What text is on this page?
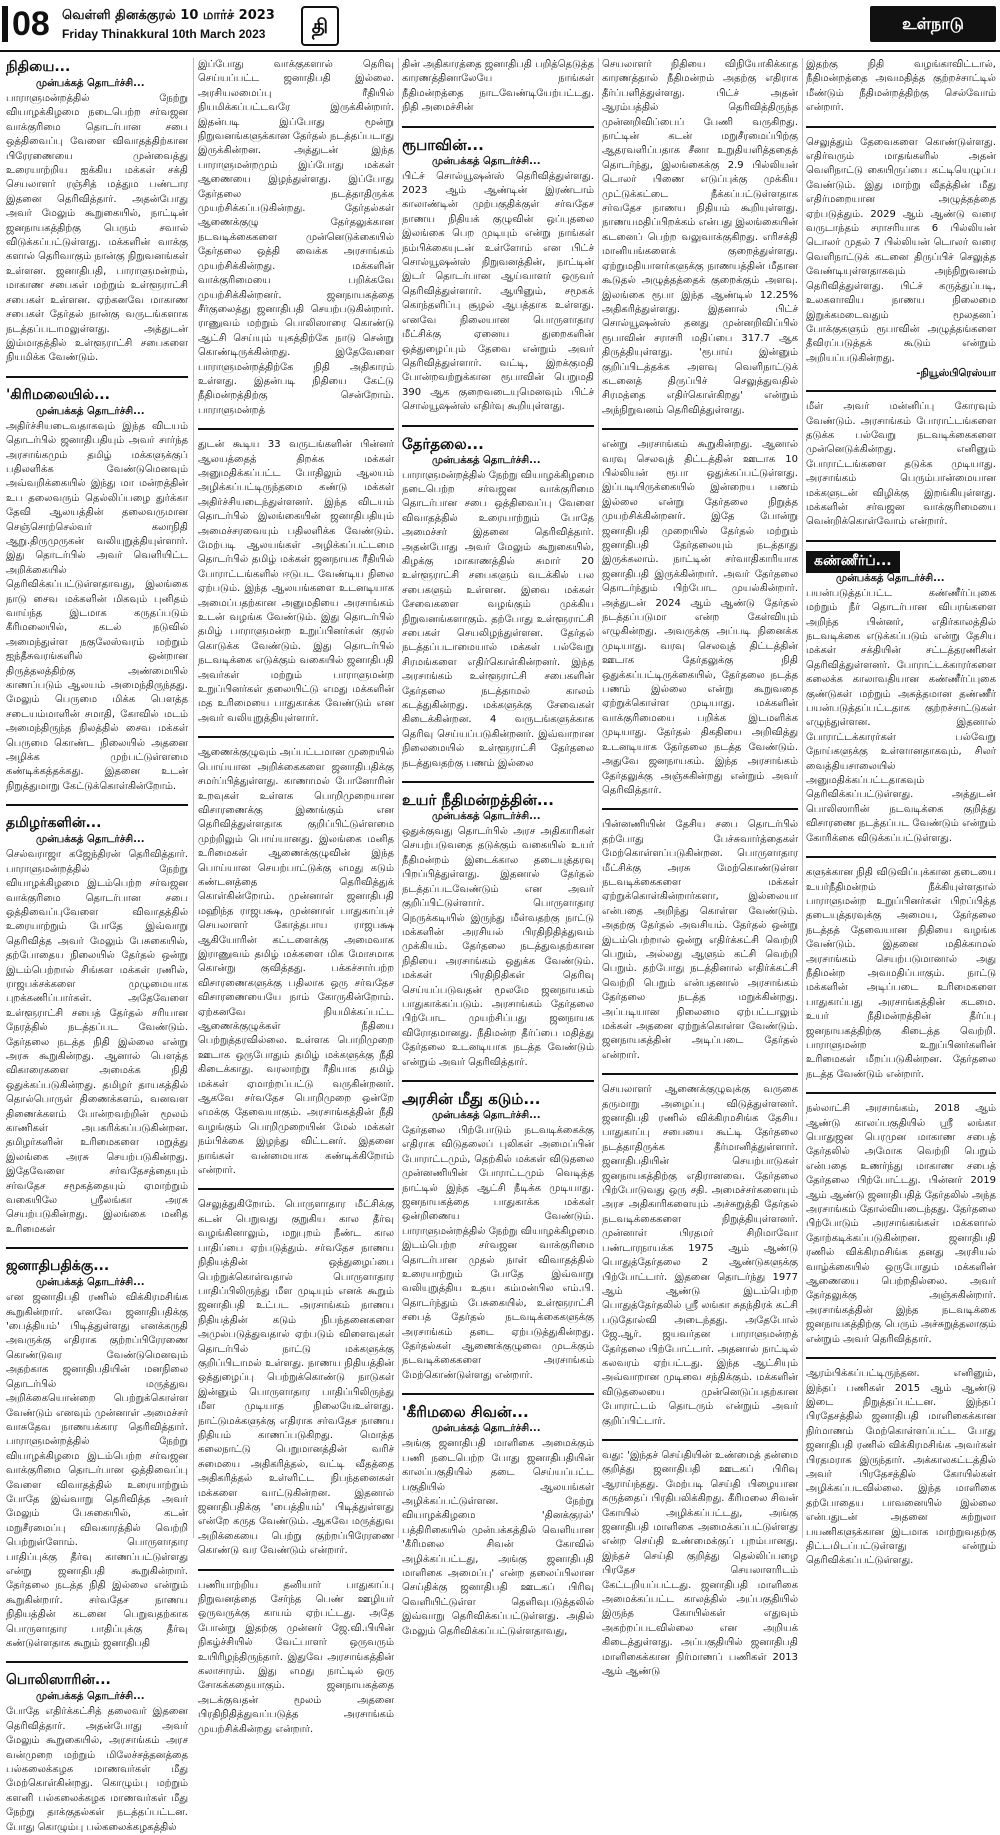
08 வெள்ளி தினக்குரல் 10 மார்ச் 2023
Friday Thinakkural 10th March 2023	தி	உள்நாடு
நிதியை...
முன்பக்கத் தொடர்ச்சி...

பாராளுமன்றத்தில் நேற்று வியாழக்கிழமை நடைபெற்ற சர்வஜன வாக்குரிமை தொடர்பான சபை ஒத்திவைப்பு வேளை விவாதத்திற்கான பிரேரணையை முன்வைத்து உரையாற்றிய ஐக்கிய மக்கள் சக்தி செயலாளர் ரஞ்சித் மத்தும பண்டார இதனை தெரிவித்தார். அதன்போது அவர் மேலும் கூறுகையில், நாட்டின் ஜனநாயகத்திற்கு பெரும் சவால் விடுக்கப்பட்டுள்ளது. மக்களின் வாக்கு களால் தெரிவாகும் நான்கு நிறுவனங்கள் உள்ளன. ஜனாதிபதி, பாராளுமன்றம், மாகாண சபைகள் மற்றும் உள்ளூராட்சி சபைகள் உள்ளன. ஏற்கனவே மாகாண சபைகள் தேர்தல் நான்கு வருடங்களாக நடத்தப்படாமலுள்ளது. அத்துடன் இம்மாதத்தில் உள்ளூராட்சி சபைகளை நியமிக்க வேண்டும்.

'கிரிமலையில்...
முன்பக்கத் தொடர்ச்சி...

அதிர்ச்சியடைவதாகவும் இந்த விடயம் தொடர்பில் ஜனாதிபதியும் அவர் சார்ந்த அரசாங்கமும் தமிழ் மக்களுக்குப் பதிலளிக்க வேண்டுமெனவும் அவ்வறிக்கையில் இந்து மா மன்றத்தின் உப தலைவரும் தெல்லிப்பழை துர்க்கா தேவி ஆலயத்தின் தலைவருமான செஞ்சொற்செல்வர் கலாநிதி ஆறு.திருமுருகன் வலியுறுத்தியுள்ளார். இது தொடர்பில் அவர் வெளியிட்ட அறிக்கையில் தெரிவிக்கப்பட்டுள்ளதாவது, இலங்கை நாடு சைவ மக்களின் மிகவும் புனிதம் வாய்ந்த இடமாக கருதப்படும் கீரிமலையில், கடல் நடுவில் அமைந்துள்ள நகுலேஸ்வரம் மற்றும் ஐந்தீசுவரங்களில் ஒன்றான திருத்தலத்திற்கு அண்மையில் காணப்படும் ஆலயம் அமைந்திருந்தது. மேலும் பெருமை மிக்க பௌத்த சடையம்மாளின் சமாதி, கோவில் மடம் அமைந்திருந்த நிலத்தில் சைவ மக்கள் பெருமை கொண்ட நிலையில் அதனை அழிக்க முற்பட்டுள்ளமை கண்டிக்கத்தக்கது. இதனை உடன் நிறுத்துமாறு கேட்டுக்கொள்கின்றோம்.

தமிழர்களின்...
முன்பக்கத் தொடர்ச்சி...

செல்வராஜா கஜேந்திரன் தெரிவித்தார். பாராளுமன்றத்தில் நேற்று வியாழக்கிழமை இடம்பெற்ற சர்வஜன வாக்குரிமை தொடர்பான சபை ஒத்திவைப்புவேளை விவாதத்தில் உரையாற்றும் போதே இவ்வாறு தெரிவித்த அவர் மேலும் பேசுகையில், தற்போதைய நிலையில் தேர்தல் ஒன்று இடம்பெற்றால் சிங்கள மக்கள் ரணில், ராஜபக்சக்களை முழுமையாக புறக்கணிப்பார்கள். அதேவேளை உள்ளூராட்சி சபைத் தேர்தல் சரியான நேரத்தில் நடத்தப்பட வேண்டும். தேர்தலை நடத்த நிதி இல்லை என்று அரசு கூறுகின்றது. ஆனால் பௌத்த விகாரைகளை அமைக்க நிதி ஒதுக்கப்படுகின்றது. தமிழர் தாயகத்தில் தொல்பொருள் திணைக்களம், வனவள திணைக்களம் போன்றவற்றின் மூலம் காணிகள் அபகரிக்கப்படுகின்றன. தமிழர்களின் உரிமைகளை மறுத்து இலங்கை அரசு செயற்படுகின்றது. இதேவேளை சர்வதேசத்தையும் சர்வதேச சமூகத்தையும் ஏமாற்றும் வகையிலே ஸ்ரீலங்கா அரசு செயற்படுகின்றது. இலங்கை மனித உரிமைகள்

ஜனாதிபதிக்கு...
முன்பக்கத் தொடர்ச்சி...

என ஜனாதிபதி ரணில் விக்கிரமசிங்க கூறுகின்றார். எனவே ஜனாதிபதிக்கு 'பைத்தியம்' பிடித்துள்ளது எனக்கருதி அவருக்கு எதிராக குற்றப்பிரேரணை கொண்டுவர வேண்டுமெனவும் அதற்காக ஜனாதிபதியின் மனநிலை தொடர்பில் மருத்துவ அறிக்கையொன்றை பெற்றுக்கொள்ள வேண்டும் எனவும் முன்னாள் அமைச்சர் வாசுதேவ நாணயக்கார தெரிவித்தார். பாராளுமன்றத்தில் நேற்று வியாழக்கிழமை இடம்பெற்ற சர்வஜன வாக்குரிமை தொடர்பான ஒத்திவைப்பு வேளை விவாதத்தில் உரையாற்றும் போதே இவ்வாறு தெரிவித்த அவர் மேலும் பேசுகையில், கடன் மறுசீரமைப்பு விவகாரத்தில் வெற்றி பெற்றுள்ளோம். பொருளாதார பாதிப்புக்கு தீர்வு காணப்பட்டுள்ளது என்று ஜனாதிபதி கூறுகின்றார். தேர்தலை நடத்த நிதி இல்லை என்றும் கூறுகின்றார். சர்வதேச நாணய நிதியத்தின் கடனை பெறுவதற்காக பொருளாதார பாதிப்புக்கு தீர்வு கண்டுள்ளதாக கூறும் ஜனாதிபதி

பொலிஸாரின்...
முன்பக்கத் தொடர்ச்சி...

போதே எதிர்க்கட்சித் தலைவர் இதனை தெரிவித்தார். அதன்போது அவர் மேலும் கூறுகையில், அரசாங்கம் அரச வன்முறை மற்றும் மிலேச்சத்தனத்தை பல்கலைக்கழக மாணவர்கள் மீது மேற்கொள்கின்றது. கொழும்பு மற்றும் களனி பல்கலைக்கழக மாணவர்கள் மீது நேற்று தாக்குதல்கள் நடத்தப்பட்டன. போது கொழும்பு பல்கலைக்கழகத்தில்

இப்போது வாக்குகளால் தெரிவு செய்யப்பட்ட ஜனாதிபதி இல்லை. அரசியலமைப்பு ரீதியில் நியமிக்கப்பட்டவரே இருக்கின்றார். இதன்படி இப்போது மூன்று நிறுவனங்களுக்கான தேர்தல் நடத்தப்படாது இருக்கின்றன. அத்துடன் இந்த பாராளுமன்றமும் இப்போது மக்கள் ஆணையை இழந்துள்ளது. இப்போது தேர்தலை நடத்தாதிருக்க முயற்சிக்கப்படுகின்றது. தேர்தல்கள் ஆணைக்குழு தேர்தலுக்கான நடவடிக்கைகளை முன்னெடுக்கையில் தேர்தலை ஒத்தி வைக்க அரசாங்கம் முயற்சிக்கின்றது. மக்களின் வாக்குரிமையை பறிக்கவே முயற்சிக்கின்றனர். ஜனநாயகத்தை சீர்குலைத்து ஜனாதிபதி செயற்படுகின்றார். ராணுவம் மற்றும் பொலிஸாரை கொண்டு ஆட்சி செய்யும் யுகத்திற்கே நாடு சென்று கொண்டிருக்கின்றது. இதேவேளை பாராளுமன்றத்திற்கே நிதி அதிகாரம் உள்ளது. இதன்படி நிதியை கேட்டு நீதிமன்றத்திற்கு சென்றோம். பாராளுமன்றத்

துடன் கூடிய 33 வருடங்களின் பின்னர் ஆலயத்தைத் திறக்க மக்கள் அனுமதிக்கப்பட்ட போதிலும் ஆலயம் அழிக்கப்பட்டிருந்தமை கண்டு மக்கள் அதிர்ச்சியடைந்துள்ளனர். இந்த விடயம் தொடர்பில் இலங்கையின் ஜனாதிபதியும் அமைச்சரவையும் பதிலளிக்க வேண்டும். மேற்படி ஆலயங்கள் அழிக்கப்பட்டமை தொடர்பில் தமிழ் மக்கள் ஜனநாயக ரீதியில் போராட்டங்களில் ஈடுபட வேண்டிய நிலை ஏற்படும். இந்த ஆலயங்களை உடனடியாக அமைப்பதற்கான அனுமதியை அரசாங்கம் உடன் வழங்க வேண்டும். இது தொடர்பில் தமிழ் பாராளுமன்ற உறுப்பினர்கள் குரல் கொடுக்க வேண்டும். இது தொடர்பில் நடவடிக்கை எடுக்கும் வகையில் ஜனாதிபதி அவர்கள் மற்றும் பாராளுமன்ற உறுப்பினர்கள் தலையிட்டு எமது மக்களின் மத உரிமையை பாதுகாக்க வேண்டும் என அவர் வலியுறுத்தியுள்ளார்.

ஆணைக்குழுவும் அப்பட்டமான முறையில் பொய்யான அறிக்கைகளை ஜனாதிபதிக்கு சமர்ப்பித்துள்ளது. காணாமல் போனோரின் உறவுகள் உள்ளக பொறிமுறையான விசாரணைக்கு இணங்கும் என தெரிவித்துள்ளதாக குறிப்பிட்டுள்ளமை முற்றிலும் பொய்யானது. இலங்கை மனித உரிமைகள் ஆணைக்குழுவின் இந்த பொய்யான செயற்பாட்டுக்கு எமது கடும் கண்டனத்தை தெரிவித்துக் கொள்கின்றோம். முன்னாள் ஜனாதிபதி மஹிந்த ராஜபக்ஷ, முன்னாள் பாதுகாப்புச் செயலாளர் கோத்தபாய ராஜபக்ஷ ஆகியோரின் கட்டளைக்கு அமைவாக இராணுவம் தமிழ் மக்களை மிக மோசமாக கொன்று குவித்தது. பக்கச்சார்பற்ற விசாரணைகளுக்கு பதிலாக ஒரு சர்வதேச விசாரணையையே நாம் கோருகின்றோம். ஏற்கனவே நியமிக்கப்பட்ட ஆணைக்குழுக்கள் நீதியை பெற்றுத்தரவில்லை. உள்ளக பொறிமுறை ஊடாக ஒருபோதும் தமிழ் மக்களுக்கு நீதி கிடைக்காது. வரலாற்று ரீதியாக தமிழ் மக்கள் ஏமாற்றப்பட்டு வருகின்றனர். ஆகவே சர்வதேச பொறிமுறை ஒன்றே எமக்கு தேவையாகும். அரசாங்கத்தின் நீதி வழங்கும் பொறிமுறையின் மேல் மக்கள் நம்பிக்கை இழந்து விட்டனர். இதனை நாங்கள் வன்மையாக கண்டிக்கிறோம் என்றார்.

செலுத்துகிறோம். பொருளாதார மீட்சிக்கு கடன் பெறுவது குறுகிய கால தீர்வு வழங்கினாலும், மறுபுறம் நீண்ட கால பாதிப்பை ஏற்படுத்தும். சர்வதேச நாணய நிதியத்தின் ஒத்துழைப்பை பெற்றுக்கொள்வதால் பொருளாதார பாதிப்பிலிருந்து மீள முடியும் எனக் கூறும் ஜனாதிபதி உட்பட அரசாங்கம் நாணய நிதியத்தின் கடும் நிபந்தனைகளை அமுல்படுத்துவதால் ஏற்படும் விளைவுகள் தொடர்பில் நாட்டு மக்களுக்கு குறிப்பிடாமல் உள்ளது. நாணய நிதியத்தின் ஒத்துழைப்பு பெற்றுக்கொண்டு நாடுகள் இன்னும் பொருளாதார பாதிப்பிலிருந்து மீள முடியாத நிலையேஉள்ளது. நாட்டுமக்களுக்கு எதிராக சர்வதேச நாணய நிதியம் காணப்படுகிறது. மொத்த கலைநாட்டு பெறுமானத்தின் வரிச் சுமையை அதிகரித்தல், வட்டி வீதத்தை அதிகரித்தல் உள்ளிட்ட நிபந்தனைகள் மக்களை வாட்டுகின்றன. இதனால் ஜனாதிபதிக்கு 'பைத்தியம்' பிடித்துள்ளது என்றே கருத வேண்டும். ஆகவே மருத்துவ அறிக்கையை பெற்று குற்றப்பிரேரணை கொண்டு வர வேண்டும் என்றார்.

பணியாற்றிய தனியார் பாதுகாப்பு நிறுவனத்தை சேர்ந்த பெண் ஊழியர் ஒருவருக்கு காயம் ஏற்பட்டது. அதே போன்று இதற்கு முன்னர் ஜே.வி.பியின் நிகழ்ச்சியில் வேட்பாளர் ஒருவரும் உயிரிழந்திருந்தார். இதுவே அரசாங்கத்தின் கலாசாரம். இது எமது நாட்டில் ஒரு சோகக்கதையாகும். ஜனநாயகத்தை அடக்குவதன் மூலம் அதனை பிரதிநிதித்துவப்படுத்த அரசாங்கம் முயற்சிக்கின்றது என்றார்.

தின் அதிகாரத்தை ஜனாதிபதி பறித்தெடுத்த காரணத்தினாலேயே நாங்கள் நீதிமன்றத்தை நாடவேண்டியேற்பட்டது. நிதி அமைச்சின்

ரூபாவின்...
முன்பக்கத் தொடர்ச்சி...

பிட்ச் சொல்யூஷன்ஸ் தெரிவித்துள்ளது. 2023 ஆம் ஆண்டின் இரண்டாம் காலாண்டின் முற்பகுதிக்குள் சர்வதேச நாணய நிதியக் குழுவின் ஒப்புதலை இலங்கை பெற முடியும் என்று நாங்கள் நம்பிக்கையுடன் உள்ளோம் என பிட்ச் சொல்யூஷன்ஸ் நிறுவனத்தின், நாட்டின் இடர் தொடர்பான ஆய்வாளர் ஒருவர் தெரிவித்துள்ளார். ஆயினும், சமூகக் கொந்தளிப்பு சூழல் ஆபத்தாக உள்ளது. எனவே நிலையான பொருளாதார மீட்சிக்கு ஏனைய துறைகளின் ஒத்துழைப்பும் தேவை என்றும் அவர் தெரிவித்துள்ளார். வட்டி, இறக்குமதி போன்றவற்றுக்கான ரூபாவின் பெறுமதி 390 ஆக குறைவடையுமெனவும் பிட்ச் சொல்யூஷன்ஸ் எதிர்வு கூறியுள்ளது.

தேர்தலை...
முன்பக்கத் தொடர்ச்சி...

பாராளுமன்றத்தில் நேற்று வியாழக்கிழமை நடைபெற்ற சர்வஜன வாக்குரிமை தொடர்பான சபை ஒத்திவைப்பு வேளை விவாதத்தில் உரையாற்றும் போதே அமைச்சர் இதனை தெரிவித்தார். அதன்போது அவர் மேலும் கூறுகையில், கிழக்கு மாகாணத்தில் சுமார் 20 உள்ளூராட்சி சபைகளும் வடக்கில் பல சபைகளும் உள்ளன. இவை மக்கள் சேவைகளை வழங்கும் முக்கிய நிறுவனங்களாகும். தற்போது உள்ளூராட்சி சபைகள் செயலிழந்துள்ளன. தேர்தல் நடத்தப்படாமையால் மக்கள் பல்வேறு சிரமங்களை எதிர்கொள்கின்றனர். இந்த அரசாங்கம் உள்ளூராட்சி சபைகளின் தேர்தலை நடத்தாமல் காலம் கடத்துகின்றது. மக்களுக்கு சேவைகள் கிடைக்கின்றன. 4 வருடங்களுக்காக தெரிவு செய்யப்படுகின்றனர். இவ்வாறான நிலைமையில் உள்ளூராட்சி தேர்தலை நடத்துவதற்கு பணம் இல்லை

உயர் நீதிமன்றத்தின்...
முன்பக்கத் தொடர்ச்சி...

ஒதுக்குவது தொடர்பில் அரச அதிகாரிகள் செயற்படுவதை தடுக்கும் வகையில் உயர் நீதிமன்றம் இடைக்கால தடையுத்தரவு பிறப்பித்துள்ளது. இதனால் தேர்தல் நடத்தப்படவேண்டும் என அவர் குறிப்பிட்டுள்ளார். பொருளாதார நெருக்கடியில் இருந்து மீள்வதற்கு நாட்டு மக்களின் அரசியல் பிரதிநிதித்துவம் முக்கியம். தேர்தலை நடத்துவதற்கான நிதியை அரசாங்கம் ஒதுக்க வேண்டும். மக்கள் பிரதிநிதிகள் தெரிவு செய்யப்படுவதன் மூலமே ஜனநாயகம் பாதுகாக்கப்படும். அரசாங்கம் தேர்தலை பிற்போட முயற்சிப்பது ஜனநாயக விரோதமானது. நீதிமன்ற தீர்ப்பை மதித்து தேர்தலை உடனடியாக நடத்த வேண்டும் என்றும் அவர் தெரிவித்தார்.

அரசின் மீது கடும்...
முன்பக்கத் தொடர்ச்சி...

தேர்தலை பிற்போடும் நடவடிக்கைக்கு எதிராக விடுதலைப் புலிகள் அமைப்பின் போராட்டமும், தெற்கில் மக்கள் விடுதலை முன்னணியின் போராட்டமும் வெடித்த நாட்டில் இந்த ஆட்சி நீடிக்க முடியாது. ஜனநாயகத்தை பாதுகாக்க மக்கள் ஒன்றிணைய வேண்டும். பாராளுமன்றத்தில் நேற்று வியாழக்கிழமை இடம்பெற்ற சர்வஜன வாக்குரிமை தொடர்பான முதல் நாள் விவாதத்தில் உரையாற்றும் போதே இவ்வாறு வலியுறுத்திய உதய கம்மன்பில எம்.பி. தொடர்ந்தும் பேசுகையில், உள்ளூராட்சி சபைத் தேர்தல் நடவடிக்கைகளுக்கு அரசாங்கம் தடை ஏற்படுத்துகின்றது. தேர்தல்கள் ஆணைக்குழுவை முடக்கும் நடவடிக்கைகளை அரசாங்கம் மேற்கொண்டுள்ளது என்றார்.

'கீரிமலை சிவன்...
முன்பக்கத் தொடர்ச்சி...

அங்கு ஜனாதிபதி மாளிகை அமைக்கும் பணி நடைபெற்ற போது ஜனாதிபதியின் காலப்பகுதியில் தடை செய்யப்பட்ட பகுதியில் ஆலயங்கள் அழிக்கப்பட்டுள்ளன. நேற்று வியாழக்கிழமை 'தினக்குரல்' பத்திரிகையில் முன்பக்கத்தில் வெளியான 'கீரிமலை சிவன் கோவில் அழிக்கப்பட்டது, அங்கு ஜனாதிபதி மாளிகை அமைப்பு' என்ற தலைப்பிலான செய்திக்கு ஜனாதிபதி ஊடகப் பிரிவு வெளியிட்டுள்ள தெளிவுபடுத்தலில் இவ்வாறு தெரிவிக்கப்பட்டுள்ளது. அதில் மேலும் தெரிவிக்கப்பட்டுள்ளதாவது,

செயலாளர் நிதியை விநியோகிக்காத காரணத்தால் நீதிமன்றம் அதற்கு எதிராக தீர்ப்பளித்துள்ளது. பிட்ச் அதன் ஆரம்பத்தில் தெரிவித்திருந்த முன்னறிவிப்பைப் பேணி வருகிறது. நாட்டின் கடன் மறுசீரமைப்பிற்கு ஆதரவளிப்பதாக சீனா உறுதியளித்ததைத் தொடர்ந்து, இலங்கைக்கு 2.9 பில்லியன் டொலர் பிணை எடுப்புக்கு முக்கிய முட்டுக்கட்டை நீக்கப்பட்டுள்ளதாக சர்வதேச நாணய நிதியம் கூறியுள்ளது. நாணயமதிப்பிறக்கம் என்பது இலங்கையின் கடனைப் பெற்ற வலுவாக்குகிறது. எரிசக்தி மானியங்களைக் குறைத்துள்ளது. ஏற்றுமதியாளர்களுக்கு நாணயத்தின் மீதான கூடுதல் அழுத்தத்தைக் குறைக்கும் அளவு. இலங்கை ரூபா இந்த ஆண்டில் 12.25% அதிகரித்துள்ளது. இதனால் பிட்ச் சொல்யூஷன்ஸ் தனது முன்னறிவிப்பில் ரூபாவின் சராசரி மதிப்பை 317.7 ஆக திருத்தியுள்ளது. 'ரூபாய் இன்னும் குறிப்பிடத்தக்க அளவு வெளிநாட்டுக் கடனைத் திருப்பிச் செலுத்துவதில் சிரமத்தை எதிர்கொள்கிறது' என்றும் அந்நிறுவனம் தெரிவித்துள்ளது.

என்று அரசாங்கம் கூறுகின்றது. ஆனால் வரவு செலவுத் திட்டத்தின் ஊடாக 10 பில்லியன் ரூபா ஒதுக்கப்பட்டுள்ளது. இப்படியிருக்கையில் இன்றைய பணம் இல்லை என்று தேர்தலை நிறுத்த முயற்சிக்கின்றனர். இதே போன்று ஜனாதிபதி முறையில் தேர்தல் மற்றும் ஜனாதிபதி தேர்தலையும் நடத்தாது இருக்கலாம். நாட்டின் சர்வாதிகாரியாக ஜனாதிபதி இருக்கின்றார். அவர் தேர்தலை தொடர்ந்தும் பிற்போட முயல்கின்றார். அத்துடன் 2024 ஆம் ஆண்டு தேர்தல் நடத்தப்படுமா என்ற கேள்வியும் எழுகின்றது. அவருக்கு அப்படி நினைக்க முடியாது. வரவு செலவுத் திட்டத்தின் ஊடாக தேர்தலுக்கு நிதி ஒதுக்கப்பட்டிருக்கையில், தேர்தலை நடத்த பணம் இல்லை என்று கூறுவதை ஏற்றுக்கொள்ள முடியாது. மக்களின் வாக்குரிமையை பறிக்க இடமளிக்க முடியாது. தேர்தல் திகதியை அறிவித்து உடனடியாக தேர்தலை நடத்த வேண்டும். அதுவே ஜனநாயகம். இந்த அரசாங்கம் தேர்தலுக்கு அஞ்சுகின்றது என்றும் அவர் தெரிவித்தார்.

பின்னணியின் தேசிய சபை தொடர்பில் தற்போது பேச்சுவார்த்தைகள் மேற்கொள்ளப்படுகின்றன. பொருளாதார மீட்சிக்கு அரசு மேற்கொண்டுள்ள நடவடிக்கைகளை மக்கள் ஏற்றுக்கொள்கின்றார்களா, இல்லையா என்பதை அறிந்து கொள்ள வேண்டும். அதற்கு தேர்தல் அவசியம். தேர்தல் ஒன்று இடம்பெற்றால் ஒன்று எதிர்க்கட்சி வெற்றி பெறும், அல்லது ஆளும் கட்சி வெற்றி பெறும். தற்போது நடத்தினால் எதிர்க்கட்சி வெற்றி பெறும் என்பதனால் அரசாங்கம் தேர்தலை நடத்த மறுக்கின்றது. அப்படியான நிலைமை ஏற்பட்டாலும் மக்கள் அதனை ஏற்றுக்கொள்ள வேண்டும். ஜனநாயகத்தின் அடிப்படை தேர்தல் என்றார்.

செயலாளர் ஆணைக்குழுவுக்கு வருகை தருமாறு அழைப்பு விடுத்துள்ளனர். ஜனாதிபதி ரணில் விக்கிரமசிங்க தேசிய பாதுகாப்பு சபையை கூட்டி தேர்தலை நடத்தாதிருக்க தீர்மானித்துள்ளார். ஜனாதிபதியின் செயற்பாடுகள் ஜனநாயகத்திற்கு எதிரானவை. தேர்தலை பிற்போடுவது ஒரு சதி. அமைச்சர்களையும் அரச அதிகாரிகளையும் அச்சுறுத்தி தேர்தல் நடவடிக்கைகளை நிறுத்தியுள்ளனர். முன்னாள் பிரதமர் சிறிமாவோ பண்டாரநாயக்க 1975 ஆம் ஆண்டு பொதுத்தேர்தலை 2 ஆண்டுகளுக்கு பிற்போட்டார். இதனை தொடர்ந்து 1977 ஆம் ஆண்டு இடம்பெற்ற பொதுத்தேர்தலில் ஸ்ரீ லங்கா சுதந்திரக் கட்சி படுதோல்வி அடைந்தது. அதேபோல் ஜே.ஆர். ஜயவர்தன பாராளுமன்றத் தேர்தலை பிற்போட்டார். அதனால் நாட்டில் கலவரம் ஏற்பட்டது. இந்த ஆட்சியும் அவ்வாறான முடிவை சந்திக்கும். மக்களின் விடுதலையை முன்னெடுப்பதற்கான போராட்டம் தொடரும் என்றும் அவர் குறிப்பிட்டார்.

வது: 'இந்தச் செய்தியின் உண்மைத் தன்மை குறித்து ஜனாதிபதி ஊடகப் பிரிவு ஆராய்ந்தது. மேற்படி செய்தி பிழையான கருத்தைப் பிரதிபலிக்கிறது. கீரிமலை சிவன் கோயில் அழிக்கப்பட்டது, அங்கு ஜனாதிபதி மாளிகை அமைக்கப்பட்டுள்ளது என்ற செய்தி உண்மைக்குப் புறம்பானது. இந்தச் செய்தி குறித்து தெல்லிப்பழை பிரதேச செயலாளரிடம் கேட்டறியப்பட்டது. ஜனாதிபதி மாளிகை அமைக்கப்பட்ட காலத்தில் அப்பகுதியில் இருந்த கோயில்கள் எதுவும் அகற்றப்படவில்லை என அறியக் கிடைத்துள்ளது. அப்பகுதியில் ஜனாதிபதி மாளிகைக்கான நிர்மாணப் பணிகள் 2013 ஆம் ஆண்டு

இதற்கு நிதி வழங்காவிட்டால், நீதிமன்றத்தை அவமதித்த குற்றச்சாட்டில் மீண்டும் நீதிமன்றத்திற்கு செல்வோம் என்றார்.

செலுத்தும் தேவைகளை கொண்டுள்ளது. எதிர்வரும் மாதங்களில் அதன் வெளிநாட்டு கையிருப்பை கட்டியெழுப்ப வேண்டும். இது மாற்று வீதத்தின் மீது எதிர்மறையான அழுத்தத்தை ஏற்படுத்தும். 2029 ஆம் ஆண்டு வரை வருடாந்தம் சராசரியாக 6 பில்லியன் டொலர் முதல் 7 பில்லியன் டொலர் வரை வெளிநாட்டுக் கடனை திருப்பிச் செலுத்த வேண்டியுள்ளதாகவும் அந்நிறுவனம் தெரிவித்துள்ளது. பிட்ச் கருத்துப்படி, உலகளாவிய நாணய நிலைமை இறுக்கமடைவதும் மூலதனப் போக்குகளும் ரூபாவின் அழுத்தங்களை தீவிரப்படுத்தக் கூடும் என்றும் அறியப்படுகின்றது.

-நியூஸ்பிரெஸ்யா

மீள் அவர் மன்னிப்பு கோரவும் வேண்டும். அரசாங்கம் போராட்டங்களை தடுக்க பல்வேறு நடவடிக்கைகளை முன்னெடுக்கின்றது. எனினும் போராட்டங்களை தடுக்க முடியாது. அரசாங்கம் பெரும்பான்மையான மக்களுடன் விழிக்கு இறங்கியுள்ளது. மக்களின் சர்வஜன வாக்குரிமையை வென்றிக்கொள்வோம் என்றார்.

கண்ணீர்ப்...
முன்பக்கத் தொடர்ச்சி...

பயன்படுத்தப்பட்ட கண்ணீர்ப்புகை மற்றும் நீர் தொடர்பான விபரங்களை அறிந்த பின்னர், எதிர்காலத்தில் நடவடிக்கை எடுக்கப்படும் என்று தேசிய மக்கள் சக்தியின் சட்டத்தரணிகள் தெரிவித்துள்ளனர். போராட்டக்காரர்களை கலைக்க காலாவதியான கண்ணீர்ப்புகை குண்டுகள் மற்றும் அசுத்தமான தண்ணீர் பயன்படுத்தப்பட்டதாக குற்றச்சாட்டுகள் எழுந்துள்ளன. இதனால் போராட்டக்காரர்கள் பல்வேறு நோய்களுக்கு உள்ளானதாகவும், சிலர் வைத்தியசாலையில் அனுமதிக்கப்பட்டதாகவும் தெரிவிக்கப்பட்டுள்ளது. அத்துடன் பொலிஸாரின் நடவடிக்கை குறித்து விசாரணை நடத்தப்பட வேண்டும் என்றும் கோரிக்கை விடுக்கப்பட்டுள்ளது.

களுக்கான நிதி விடுவிப்புக்கான தடையை உயர்நீதிமன்றம் நீக்கியுள்ளதால் பாராளுமன்ற உறுப்பினர்கள் பிறப்பித்த தடையுத்தரவுக்கு அமைய, தேர்தலை நடத்தத் தேவையான நிதியை வழங்க வேண்டும். இதனை மதிக்காமல் அரசாங்கம் செயற்படுமானால் அது நீதிமன்ற அவமதிப்பாகும். நாட்டு மக்களின் அடிப்படை உரிமைகளை பாதுகாப்பது அரசாங்கத்தின் கடமை. உயர் நீதிமன்றத்தின் தீர்ப்பு ஜனநாயகத்திற்கு கிடைத்த வெற்றி. பாராளுமன்ற உறுப்பினர்களின் உரிமைகள் மீறப்படுகின்றன. தேர்தலை நடத்த வேண்டும் என்றார்.

நல்லாட்சி அரசாங்கம், 2018 ஆம் ஆண்டு காலப்பகுதியில் ஸ்ரீ லங்கா பொதுஜன பெரமுன மாகாண சபைத் தேர்தலில் அமோக வெற்றி பெறும் என்பதை உணர்ந்து மாகாண சபைத் தேர்தலை பிற்போட்டது. பின்னர் 2019 ஆம் ஆண்டு ஜனாதிபதித் தேர்தலில் அந்த அரசாங்கம் தோல்வியடைந்தது. தேர்தலை பிற்போடும் அரசாங்கங்கள் மக்களால் தோற்கடிக்கப்படுகின்றன. ஜனாதிபதி ரணில் விக்கிரமசிங்க தனது அரசியல் வாழ்க்கையில் ஒருபோதும் மக்களின் ஆணையை பெற்றதில்லை. அவர் தேர்தலுக்கு அஞ்சுகின்றார். அரசாங்கத்தின் இந்த நடவடிக்கை ஜனநாயகத்திற்கு பெரும் அச்சுறுத்தலாகும் என்றும் அவர் தெரிவித்தார்.

ஆரம்பிக்கப்பட்டிருந்தன. எனினும், இந்தப் பணிகள் 2015 ஆம் ஆண்டு இடை நிறுத்தப்பட்டன. இந்தப் பிரதேசத்தில் ஜனாதிபதி மாளிகைக்கான நிர்மாணம் மேற்கொள்ளப்பட்ட போது ஜனாதிபதி ரணில் விக்கிரமசிங்க அவர்கள் பிரதமராக இருந்தார். அக்காலகட்டத்தில் அவர் பிரதேசத்தில் கோயில்கள் அழிக்கப்படவில்லை. இந்த மாளிகை தற்போதைய பாவனையில் இல்லை என்பதுடன் அதனை சுற்றுலா பயணிகளுக்கான இடமாக மாற்றுவதற்கு திட்டமிடப்பட்டுள்ளது என்றும் தெரிவிக்கப்பட்டுள்ளது.
